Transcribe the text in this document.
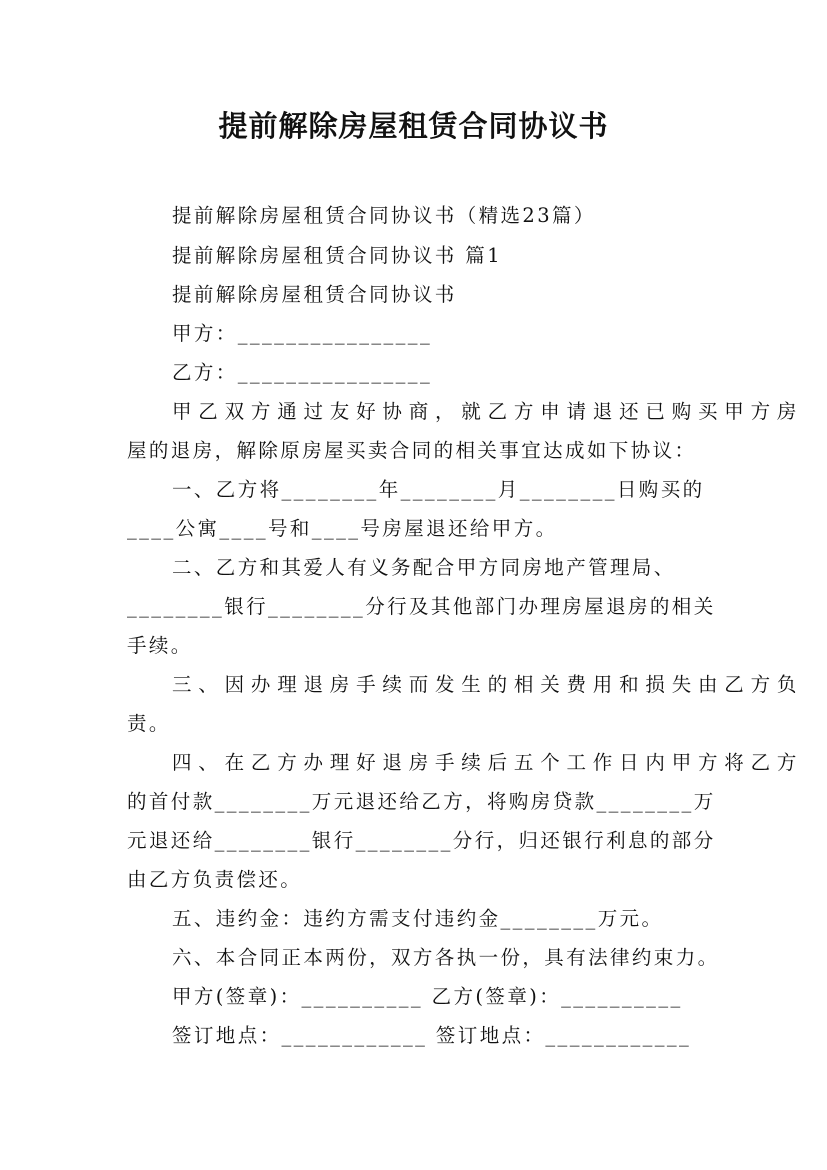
提前解除房屋租赁合同协议书
提前解除房屋租赁合同协议书（精选23篇）
提前解除房屋租赁合同协议书 篇1
提前解除房屋租赁合同协议书
甲方：________________
乙方：________________
甲乙双方通过友好协商，就乙方申请退还已购买甲方房
屋的退房，解除原房屋买卖合同的相关事宜达成如下协议：
一、乙方将________年________月________日购买的
____公寓____号和____号房屋退还给甲方。
二、乙方和其爱人有义务配合甲方同房地产管理局、
________银行________分行及其他部门办理房屋退房的相关
手续。
三、因办理退房手续而发生的相关费用和损失由乙方负
责。
四、在乙方办理好退房手续后五个工作日内甲方将乙方
的首付款________万元退还给乙方，将购房贷款________万
元退还给________银行________分行，归还银行利息的部分
由乙方负责偿还。
五、违约金：违约方需支付违约金________万元。
六、本合同正本两份，双方各执一份，具有法律约束力。
甲方(签章)：__________ 乙方(签章)：__________
签订地点：____________ 签订地点：____________
